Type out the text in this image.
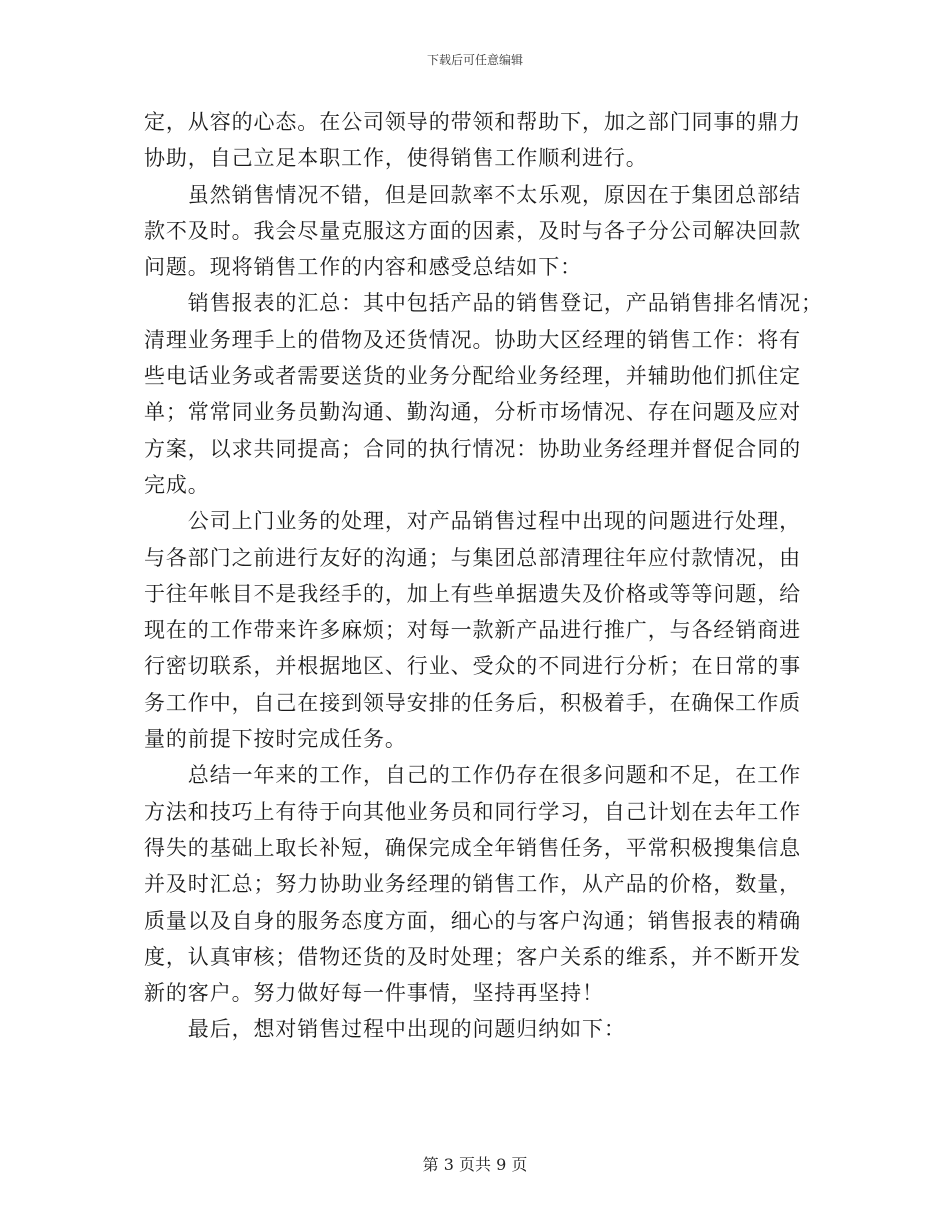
下载后可任意编辑
定，从容的心态。在公司领导的带领和帮助下，加之部门同事的鼎力
协助，自己立足本职工作，使得销售工作顺利进行。
　　虽然销售情况不错，但是回款率不太乐观，原因在于集团总部结
款不及时。我会尽量克服这方面的因素，及时与各子分公司解决回款
问题。现将销售工作的内容和感受总结如下：
　　销售报表的汇总：其中包括产品的销售登记，产品销售排名情况；
清理业务理手上的借物及还货情况。协助大区经理的销售工作：将有
些电话业务或者需要送货的业务分配给业务经理，并辅助他们抓住定
单；常常同业务员勤沟通、勤沟通，分析市场情况、存在问题及应对
方案，以求共同提高；合同的执行情况：协助业务经理并督促合同的
完成。
　　公司上门业务的处理，对产品销售过程中出现的问题进行处理，
与各部门之前进行友好的沟通；与集团总部清理往年应付款情况，由
于往年帐目不是我经手的，加上有些单据遗失及价格或等等问题，给
现在的工作带来许多麻烦；对每一款新产品进行推广，与各经销商进
行密切联系，并根据地区、行业、受众的不同进行分析；在日常的事
务工作中，自己在接到领导安排的任务后，积极着手，在确保工作质
量的前提下按时完成任务。
　　总结一年来的工作，自己的工作仍存在很多问题和不足，在工作
方法和技巧上有待于向其他业务员和同行学习，自己计划在去年工作
得失的基础上取长补短，确保完成全年销售任务，平常积极搜集信息
并及时汇总；努力协助业务经理的销售工作，从产品的价格，数量，
质量以及自身的服务态度方面，细心的与客户沟通；销售报表的精确
度，认真审核；借物还货的及时处理；客户关系的维系，并不断开发
新的客户。努力做好每一件事情，坚持再坚持！
　　最后，想对销售过程中出现的问题归纳如下：
第 3 页共 9 页
